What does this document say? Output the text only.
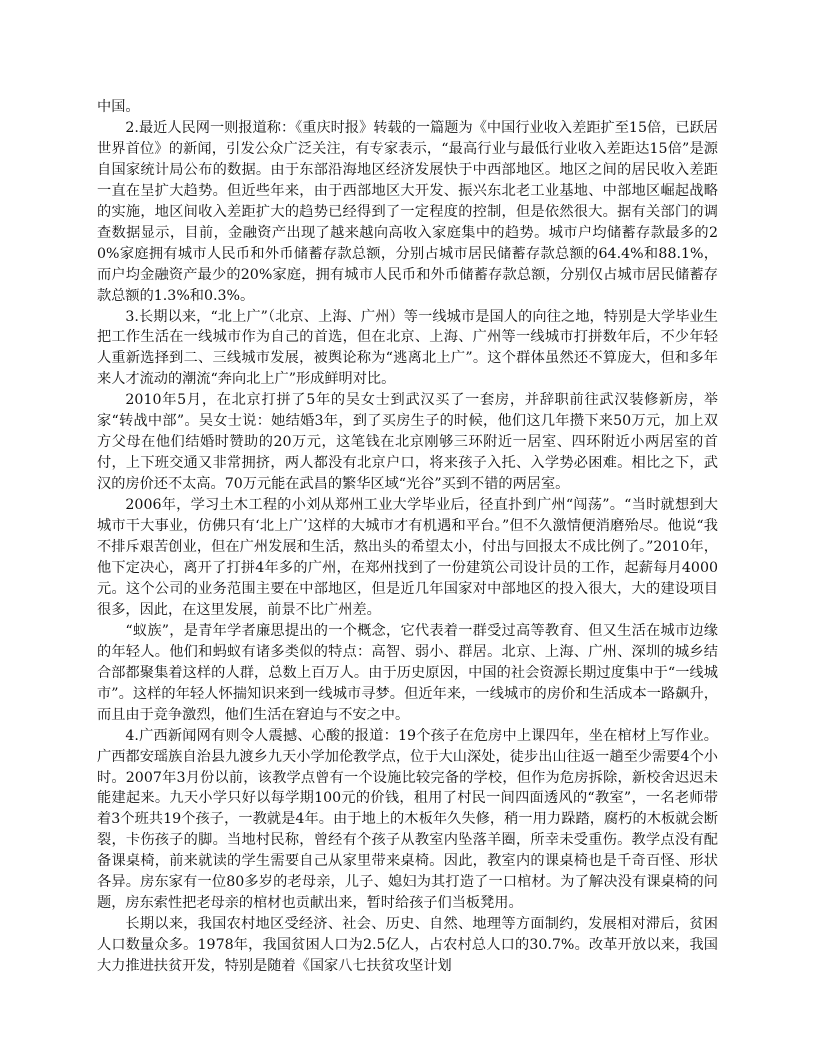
中国。

2.最近人民网一则报道称：《重庆时报》转载的一篇题为《中国行业收入差距扩至15倍，已跃居世界首位》的新闻，引发公众广泛关注，有专家表示，“最高行业与最低行业收入差距达15倍”是源自国家统计局公布的数据。由于东部沿海地区经济发展快于中西部地区。地区之间的居民收入差距一直在呈扩大趋势。但近些年来，由于西部地区大开发、振兴东北老工业基地、中部地区崛起战略的实施，地区间收入差距扩大的趋势已经得到了一定程度的控制，但是依然很大。据有关部门的调查数据显示，目前，金融资产出现了越来越向高收入家庭集中的趋势。城市户均储蓄存款最多的20%家庭拥有城市人民币和外币储蓄存款总额，分别占城市居民储蓄存款总额的64.4%和88.1%，而户均金融资产最少的20%家庭，拥有城市人民币和外币储蓄存款总额，分别仅占城市居民储蓄存款总额的1.3%和0.3%。

3.长期以来，“北上广”（北京、上海、广州）等一线城市是国人的向往之地，特别是大学毕业生把工作生活在一线城市作为自己的首选，但在北京、上海、广州等一线城市打拼数年后，不少年轻人重新选择到二、三线城市发展，被舆论称为“逃离北上广”。这个群体虽然还不算庞大，但和多年来人才流动的潮流“奔向北上广”形成鲜明对比。

2010年5月，在北京打拼了5年的吴女士到武汉买了一套房，并辞职前往武汉装修新房，举家“转战中部”。吴女士说：她结婚3年，到了买房生子的时候，他们这几年攒下来50万元，加上双方父母在他们结婚时赞助的20万元，这笔钱在北京刚够三环附近一居室、四环附近小两居室的首付，上下班交通又非常拥挤，两人都没有北京户口，将来孩子入托、入学势必困难。相比之下，武汉的房价还不太高。70万元能在武昌的繁华区域“光谷”买到不错的两居室。

2006年，学习土木工程的小刘从郑州工业大学毕业后，径直扑到广州“闯荡”。“当时就想到大城市干大事业，仿佛只有‘北上广’这样的大城市才有机遇和平台。”但不久激情便消磨殆尽。他说“我不排斥艰苦创业，但在广州发展和生活，熬出头的希望太小，付出与回报太不成比例了。”2010年，他下定决心，离开了打拼4年多的广州，在郑州找到了一份建筑公司设计员的工作，起薪每月4000元。这个公司的业务范围主要在中部地区，但是近几年国家对中部地区的投入很大，大的建设项目很多，因此，在这里发展，前景不比广州差。

“蚁族”，是青年学者廉思提出的一个概念，它代表着一群受过高等教育、但又生活在城市边缘的年轻人。他们和蚂蚁有诸多类似的特点：高智、弱小、群居。北京、上海、广州、深圳的城乡结合部都聚集着这样的人群，总数上百万人。由于历史原因，中国的社会资源长期过度集中于“一线城市”。这样的年轻人怀揣知识来到一线城市寻梦。但近年来，一线城市的房价和生活成本一路飙升，而且由于竞争激烈，他们生活在窘迫与不安之中。

4.广西新闻网有则令人震撼、心酸的报道：19个孩子在危房中上课四年，坐在棺材上写作业。广西都安瑶族自治县九渡乡九天小学加伦教学点，位于大山深处，徒步出山往返一趟至少需要4个小时。2007年3月份以前，该教学点曾有一个设施比较完备的学校，但作为危房拆除，新校舍迟迟未能建起来。九天小学只好以每学期100元的价钱，租用了村民一间四面透风的“教室”，一名老师带着3个班共19个孩子，一教就是4年。由于地上的木板年久失修，稍一用力跺踏，腐朽的木板就会断裂，卡伤孩子的脚。当地村民称，曾经有个孩子从教室内坠落羊圈，所幸未受重伤。教学点没有配备课桌椅，前来就读的学生需要自己从家里带来桌椅。因此，教室内的课桌椅也是千奇百怪、形状各异。房东家有一位80多岁的老母亲，儿子、媳妇为其打造了一口棺材。为了解决没有课桌椅的问题，房东索性把老母亲的棺材也贡献出来，暂时给孩子们当板凳用。

长期以来，我国农村地区受经济、社会、历史、自然、地理等方面制约，发展相对滞后，贫困人口数量众多。1978年，我国贫困人口为2.5亿人，占农村总人口的30.7%。改革开放以来，我国大力推进扶贫开发，特别是随着《国家八七扶贫攻坚计划
